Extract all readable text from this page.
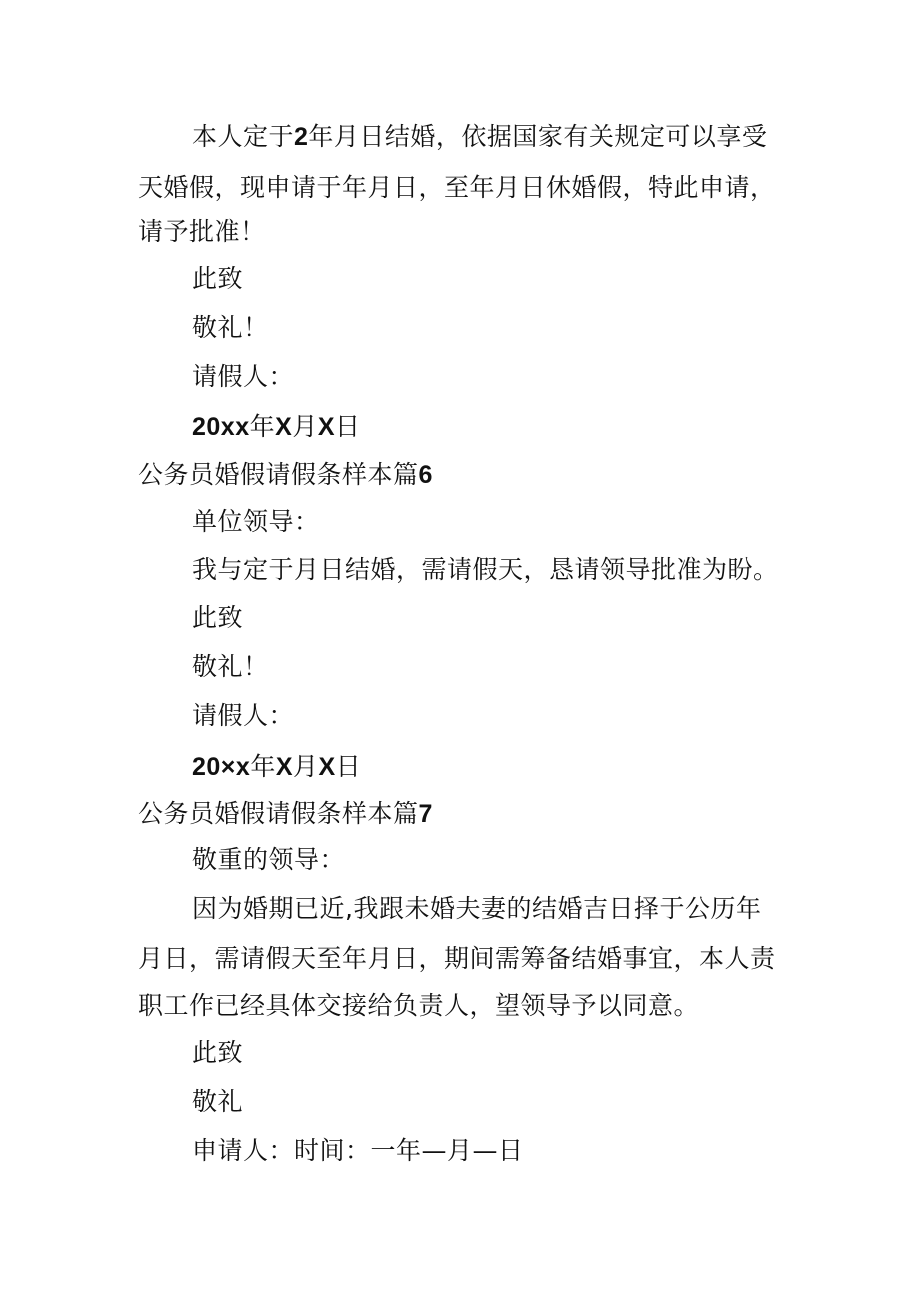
本人定于2年月日结婚，依据国家有关规定可以享受
天婚假，现申请于年月日，至年月日休婚假，特此申请，
请予批准！
此致
敬礼！
请假人：
20xx年X月X日
公务员婚假请假条样本篇6
单位领导：
我与定于月日结婚，需请假天，恳请领导批准为盼。
此致
敬礼！
请假人：
20×x年X月X日
公务员婚假请假条样本篇7
敬重的领导：
因为婚期已近,我跟未婚夫妻的结婚吉日择于公历年
月日，需请假天至年月日，期间需筹备结婚事宜，本人责
职工作已经具体交接给负责人，望领导予以同意。
此致
敬礼
申请人：时间：一年—月—日
